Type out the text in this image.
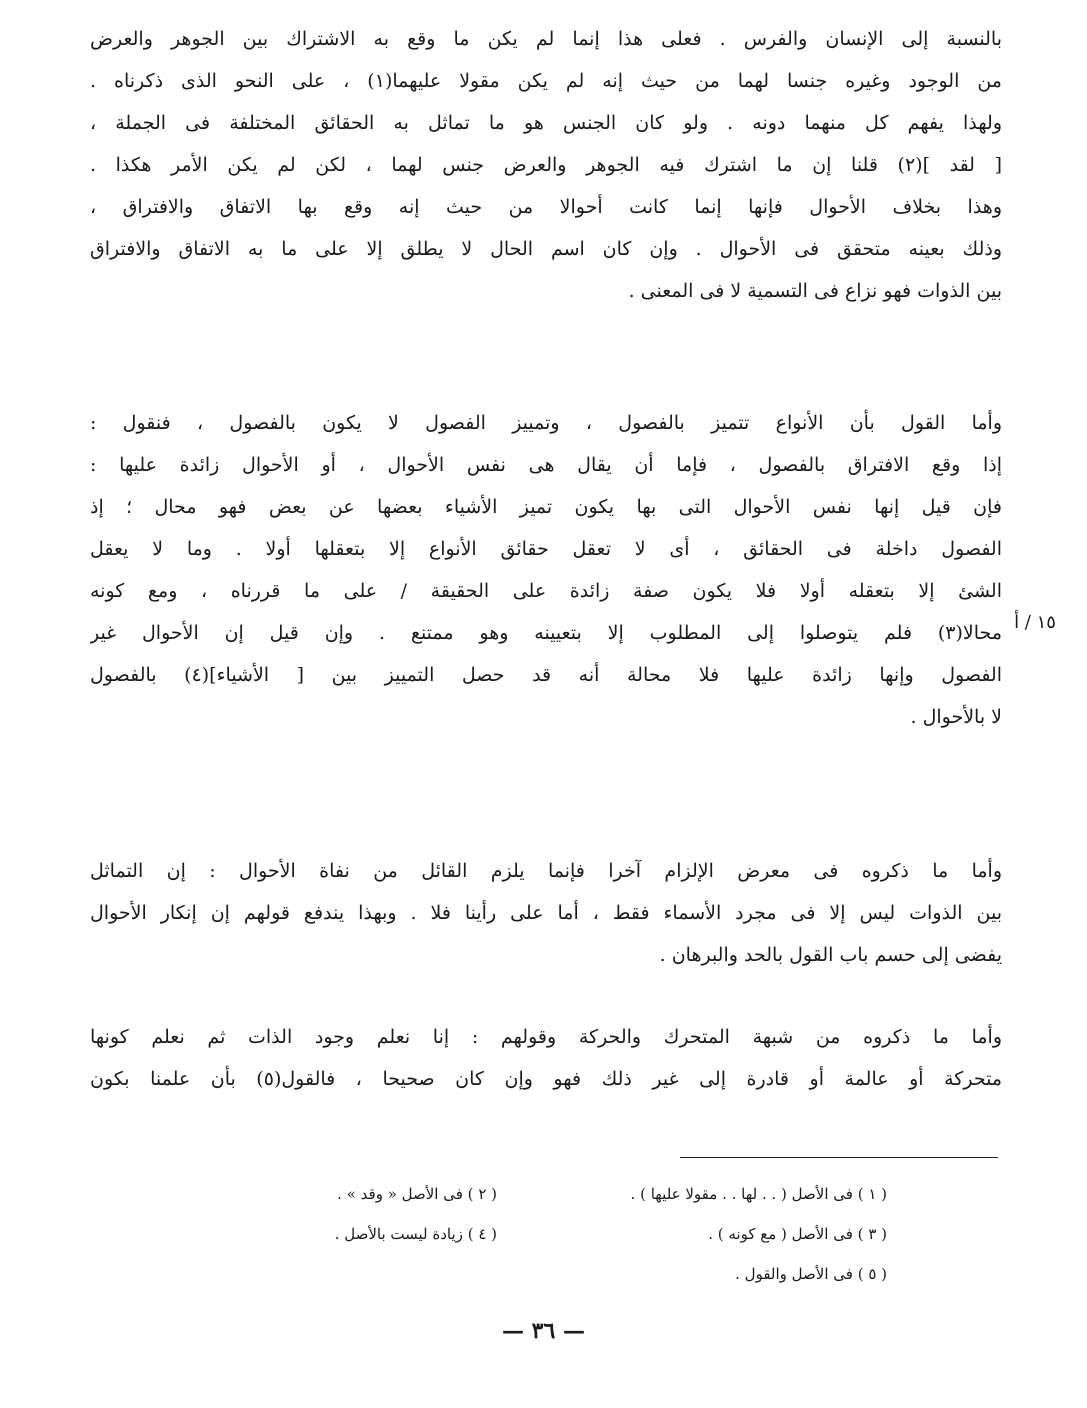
بالنسبة إلى الإنسان والفرس . فعلى هذا إنما لم يكن ما وقع به الاشتراك بين الجوهر والعرض
من الوجود وغيره جنسا لهما من حيث إنه لم يكن مقولا عليهما(١) ، على النحو الذى ذكرناه .
ولهذا يفهم كل منهما دونه . ولو كان الجنس هو ما تماثل به الحقائق المختلفة فى الجملة ،
[ لقد ](٢) قلنا إن ما اشترك فيه الجوهر والعرض جنس لهما ، لكن لم يكن الأمر هكذا .
وهذا بخلاف الأحوال فإنها إنما كانت أحوالا من حيث إنه وقع بها الاتفاق والافتراق ،
وذلك بعينه متحقق فى الأحوال . وإن كان اسم الحال لا يطلق إلا على ما به الاتفاق والافتراق
بين الذوات فهو نزاع فى التسمية لا فى المعنى .
وأما القول بأن الأنواع تتميز بالفصول ، وتمييز الفصول لا يكون بالفصول ، فنقول :
إذا وقع الافتراق بالفصول ، فإما أن يقال هى نفس الأحوال ، أو الأحوال زائدة عليها :
فإن قيل إنها نفس الأحوال التى بها يكون تميز الأشياء بعضها عن بعض فهو محال ؛ إذ
الفصول داخلة فى الحقائق ، أى لا تعقل حقائق الأنواع إلا بتعقلها أولا . وما لا يعقل
الشئ إلا بتعقله أولا فلا يكون صفة زائدة على الحقيقة / على ما قررناه ، ومع كونه
محالا(٣) فلم يتوصلوا إلى المطلوب إلا بتعيينه وهو ممتنع . وإن قيل إن الأحوال غير
الفصول وإنها زائدة عليها فلا محالة أنه قد حصل التمييز بين [ الأشياء](٤) بالفصول
لا بالأحوال .
١٥ / أ
وأما ما ذكروه فى معرض الإلزام آخرا فإنما يلزم القائل من نفاة الأحوال : إن التماثل
بين الذوات ليس إلا فى مجرد الأسماء فقط ، أما على رأينا فلا . وبهذا يندفع قولهم إن إنكار الأحوال
يفضى إلى حسم باب القول بالحد والبرهان .
وأما ما ذكروه من شبهة المتحرك والحركة وقولهم : إنا نعلم وجود الذات ثم نعلم كونها
متحركة أو عالمة أو قادرة إلى غير ذلك فهو وإن كان صحيحا ، فالقول(٥) بأن علمنا بكون
( ١ ) فى الأصل ( . . لها . . مقولا عليها ) .
( ٢ ) فى الأصل « وقد » .
( ٣ ) فى الأصل ( مع كونه ) .
( ٤ ) زيادة ليست بالأصل .
( ٥ ) فى الأصل والقول .
— ٣٦ —
